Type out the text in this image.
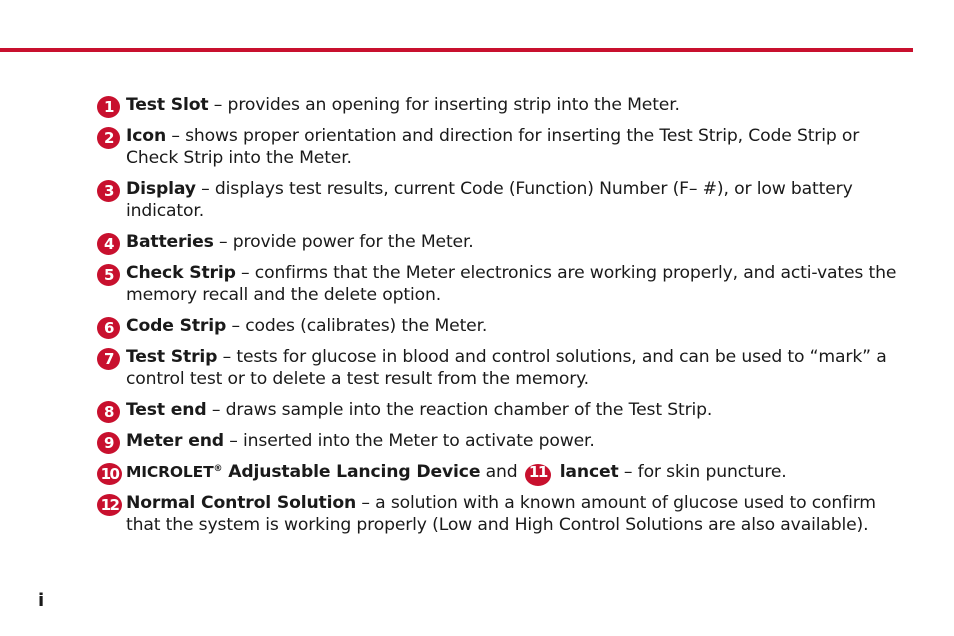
1 Test Slot – provides an opening for inserting strip into the Meter.
2 Icon – shows proper orientation and direction for inserting the Test Strip, Code Strip or Check Strip into the Meter.
3 Display – displays test results, current Code (Function) Number (F– #), or low battery indicator.
4 Batteries – provide power for the Meter.
5 Check Strip – confirms that the Meter electronics are working properly, and acti-vates the memory recall and the delete option.
6 Code Strip – codes (calibrates) the Meter.
7 Test Strip – tests for glucose in blood and control solutions, and can be used to “mark” a control test or to delete a test result from the memory.
8 Test end – draws sample into the reaction chamber of the Test Strip.
9 Meter end – inserted into the Meter to activate power.
10 MICROLET® Adjustable Lancing Device and 11 lancet – for skin puncture.
12 Normal Control Solution – a solution with a known amount of glucose used to confirm that the system is working properly (Low and High Control Solutions are also available).
i
